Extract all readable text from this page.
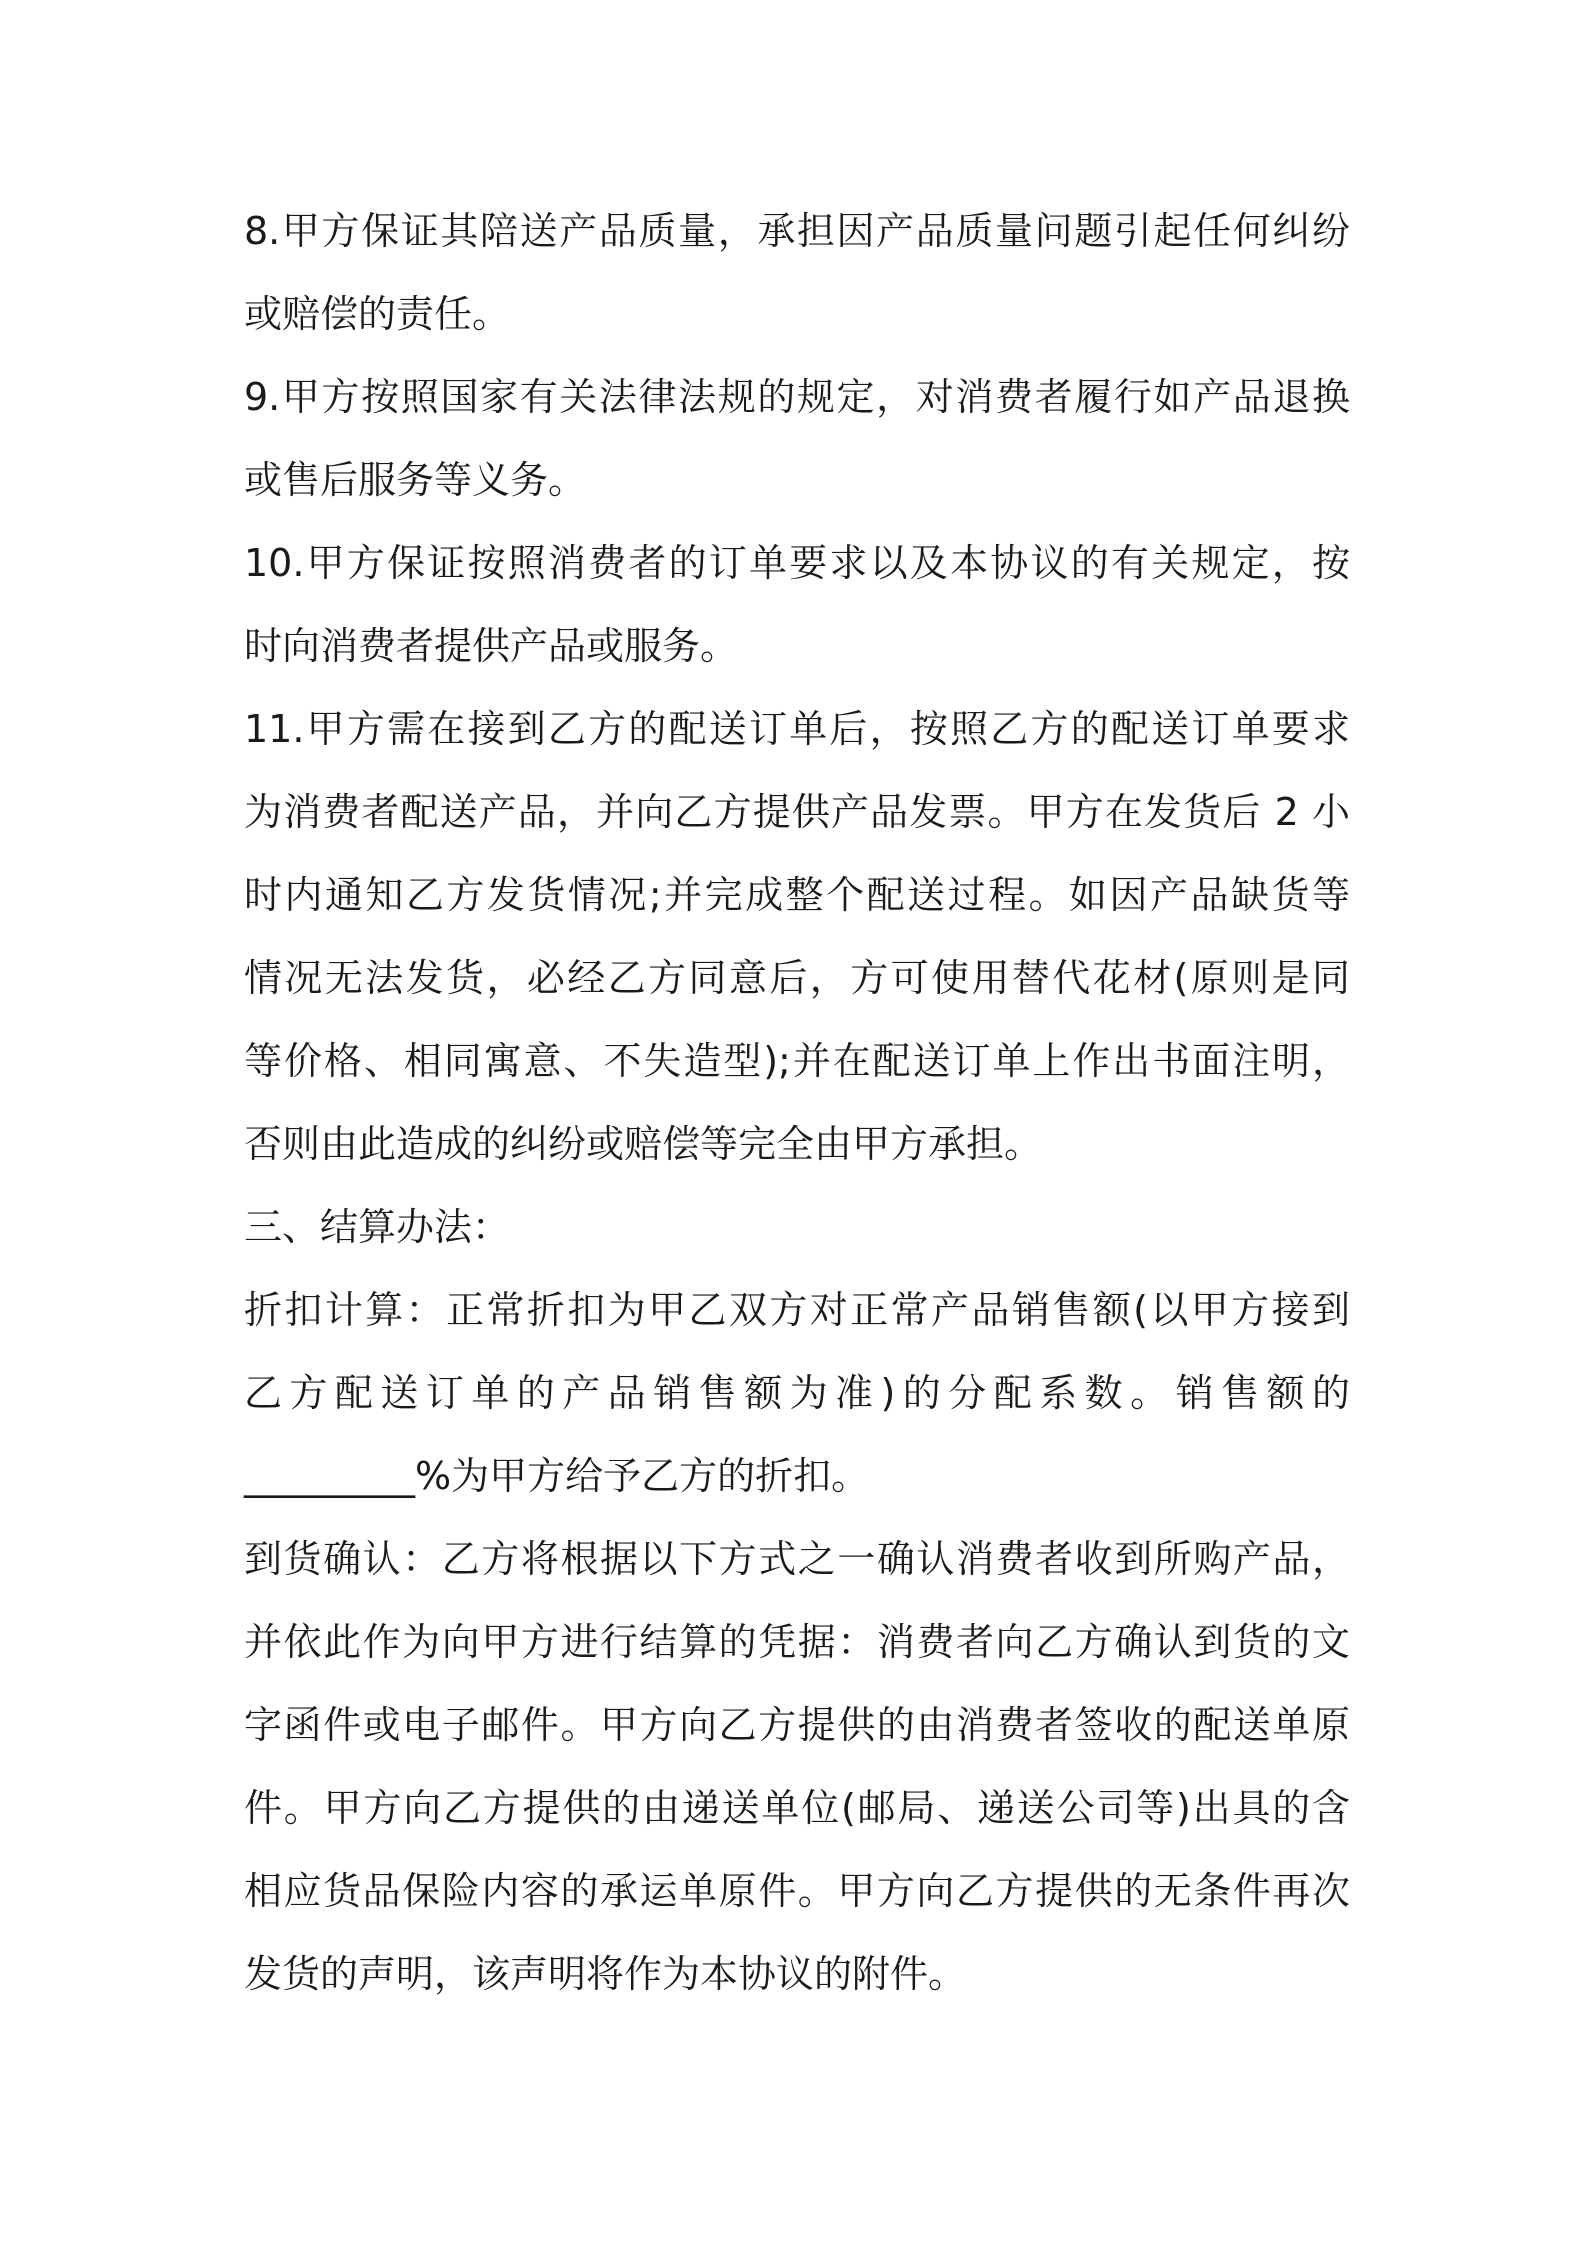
8.甲方保证其陪送产品质量，承担因产品质量问题引起任何纠纷
或赔偿的责任。
9.甲方按照国家有关法律法规的规定，对消费者履行如产品退换
或售后服务等义务。
10.甲方保证按照消费者的订单要求以及本协议的有关规定，按
时向消费者提供产品或服务。
11.甲方需在接到乙方的配送订单后，按照乙方的配送订单要求
为消费者配送产品，并向乙方提供产品发票。甲方在发货后 2 小
时内通知乙方发货情况;并完成整个配送过程。如因产品缺货等
情况无法发货，必经乙方同意后，方可使用替代花材(原则是同
等价格、相同寓意、不失造型);并在配送订单上作出书面注明，
否则由此造成的纠纷或赔偿等完全由甲方承担。
三、结算办法：
折扣计算：正常折扣为甲乙双方对正常产品销售额(以甲方接到
乙方配送订单的产品销售额为准)的分配系数。销售额的
_________%为甲方给予乙方的折扣。
到货确认：乙方将根据以下方式之一确认消费者收到所购产品，
并依此作为向甲方进行结算的凭据：消费者向乙方确认到货的文
字函件或电子邮件。甲方向乙方提供的由消费者签收的配送单原
件。甲方向乙方提供的由递送单位(邮局、递送公司等)出具的含
相应货品保险内容的承运单原件。甲方向乙方提供的无条件再次
发货的声明，该声明将作为本协议的附件。
